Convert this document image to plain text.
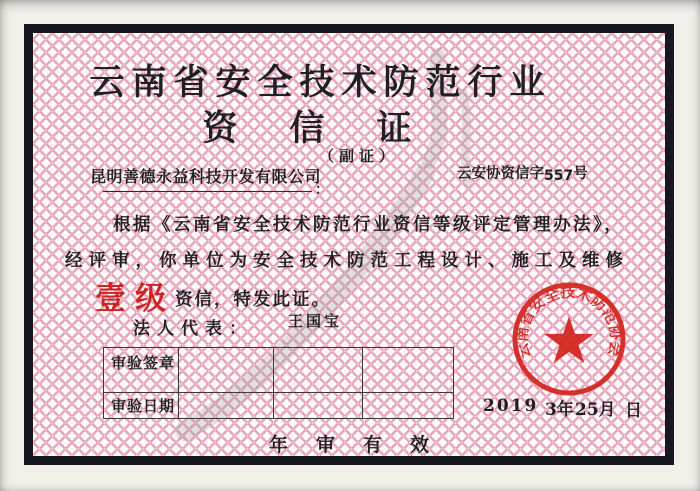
云南省安全技术防范行业
资信证
（副证）
昆明善德永益科技开发有限公司	云安协资信字557号
：

根据《云南省安全技术防范行业资信等级评定管理办法》，

经评审，你单位为安全技术防范工程设计、施工及维修

壹级资信，特发此证。
法人代表： 王国宝
审验签章
审验日期	2019 3年 25月 日
年审有效
云南省安全技术防范协会
